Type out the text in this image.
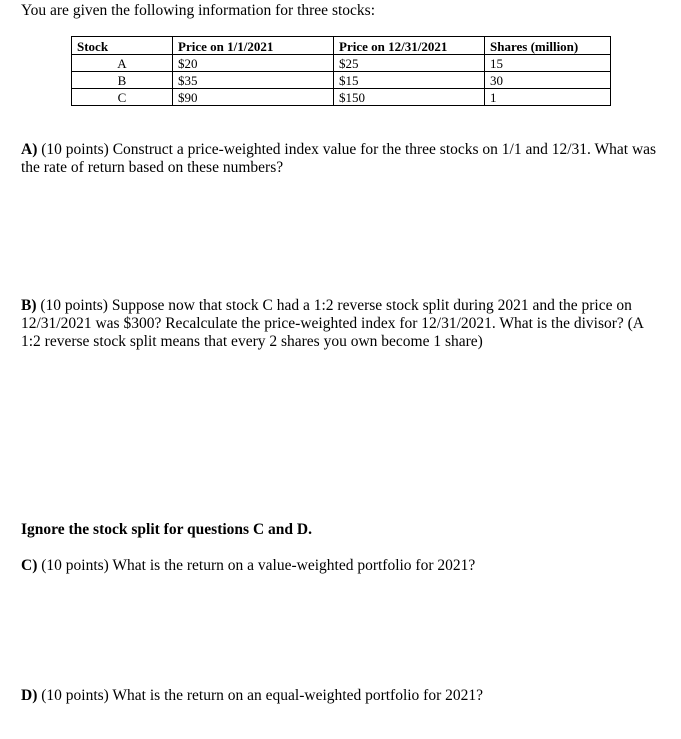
You are given the following information for three stocks:
Stock	Price on 1/1/2021	Price on 12/31/2021	Shares (million)
A	$20	$25	15
B	$35	$15	30
C	$90	$150	1
A) (10 points) Construct a price-weighted index value for the three stocks on 1/1 and 12/31. What was the rate of return based on these numbers?
B) (10 points) Suppose now that stock C had a 1:2 reverse stock split during 2021 and the price on 12/31/2021 was $300? Recalculate the price-weighted index for 12/31/2021. What is the divisor? (A 1:2 reverse stock split means that every 2 shares you own become 1 share)
Ignore the stock split for questions C and D.
C) (10 points) What is the return on a value-weighted portfolio for 2021?
D) (10 points) What is the return on an equal-weighted portfolio for 2021?
